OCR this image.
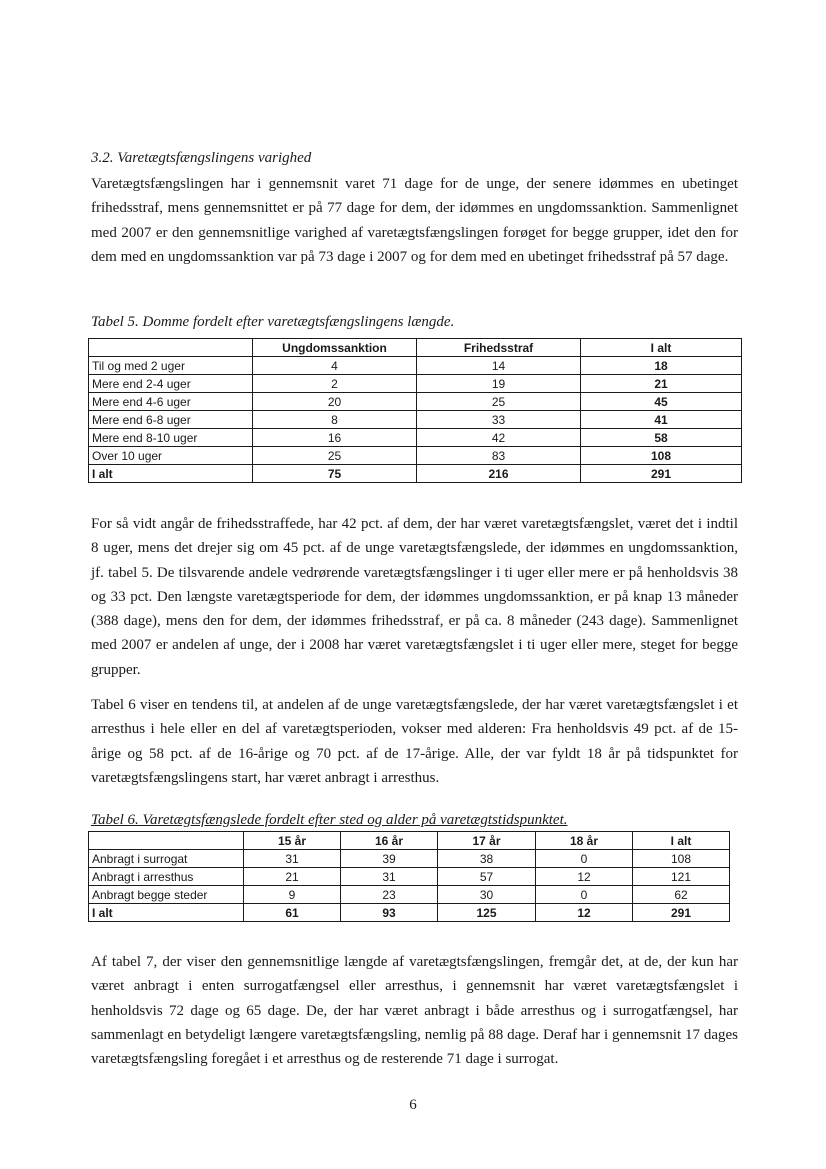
3.2. Varetægtsfængslingens varighed

Varetægtsfængslingen har i gennemsnit varet 71 dage for de unge, der senere idømmes en ubetinget frihedsstraf, mens gennemsnittet er på 77 dage for dem, der idømmes en ungdomssanktion. Sammenlignet med 2007 er den gennemsnitlige varighed af varetægtsfængslingen forøget for begge grupper, idet den for dem med en ungdomssanktion var på 73 dage i 2007 og for dem med en ubetinget frihedsstraf på 57 dage.

Tabel 5. Domme fordelt efter varetægtsfængslingens længde.
	Ungdomssanktion	Frihedsstraf	I alt
Til og med 2 uger	4	14	18
Mere end 2-4 uger	2	19	21
Mere end 4-6 uger	20	25	45
Mere end 6-8 uger	8	33	41
Mere end 8-10 uger	16	42	58
Over 10 uger	25	83	108
I alt	75	216	291

For så vidt angår de frihedsstraffede, har 42 pct. af dem, der har været varetægtsfængslet, været det i indtil 8 uger, mens det drejer sig om 45 pct. af de unge varetægtsfængslede, der idømmes en ungdomssanktion, jf. tabel 5. De tilsvarende andele vedrørende varetægtsfængslinger i ti uger eller mere er på henholdsvis 38 og 33 pct. Den længste varetægtsperiode for dem, der idømmes ungdomssanktion, er på knap 13 måneder (388 dage), mens den for dem, der idømmes frihedsstraf, er på ca. 8 måneder (243 dage). Sammenlignet med 2007 er andelen af unge, der i 2008 har været varetægtsfængslet i ti uger eller mere, steget for begge grupper.

Tabel 6 viser en tendens til, at andelen af de unge varetægtsfængslede, der har været varetægtsfængslet i et arresthus i hele eller en del af varetægtsperioden, vokser med alderen: Fra henholdsvis 49 pct. af de 15-årige og 58 pct. af de 16-årige og 70 pct. af de 17-årige. Alle, der var fyldt 18 år på tidspunktet for varetægtsfængslingens start, har været anbragt i arresthus.

Tabel 6. Varetægtsfængslede fordelt efter sted og alder på varetægtstidspunktet.
	15 år	16 år	17 år	18 år	I alt
Anbragt i surrogat	31	39	38	0	108
Anbragt i arresthus	21	31	57	12	121
Anbragt begge steder	9	23	30	0	62
I alt	61	93	125	12	291

Af tabel 7, der viser den gennemsnitlige længde af varetægtsfængslingen, fremgår det, at de, der kun har været anbragt i enten surrogatfængsel eller arresthus, i gennemsnit har været varetægtsfængslet i henholdsvis 72 dage og 65 dage. De, der har været anbragt i både arresthus og i surrogatfængsel, har sammenlagt en betydeligt længere varetægtsfængsling, nemlig på 88 dage. Deraf har i gennemsnit 17 dages varetægtsfængsling foregået i et arresthus og de resterende 71 dage i surrogat.

6
